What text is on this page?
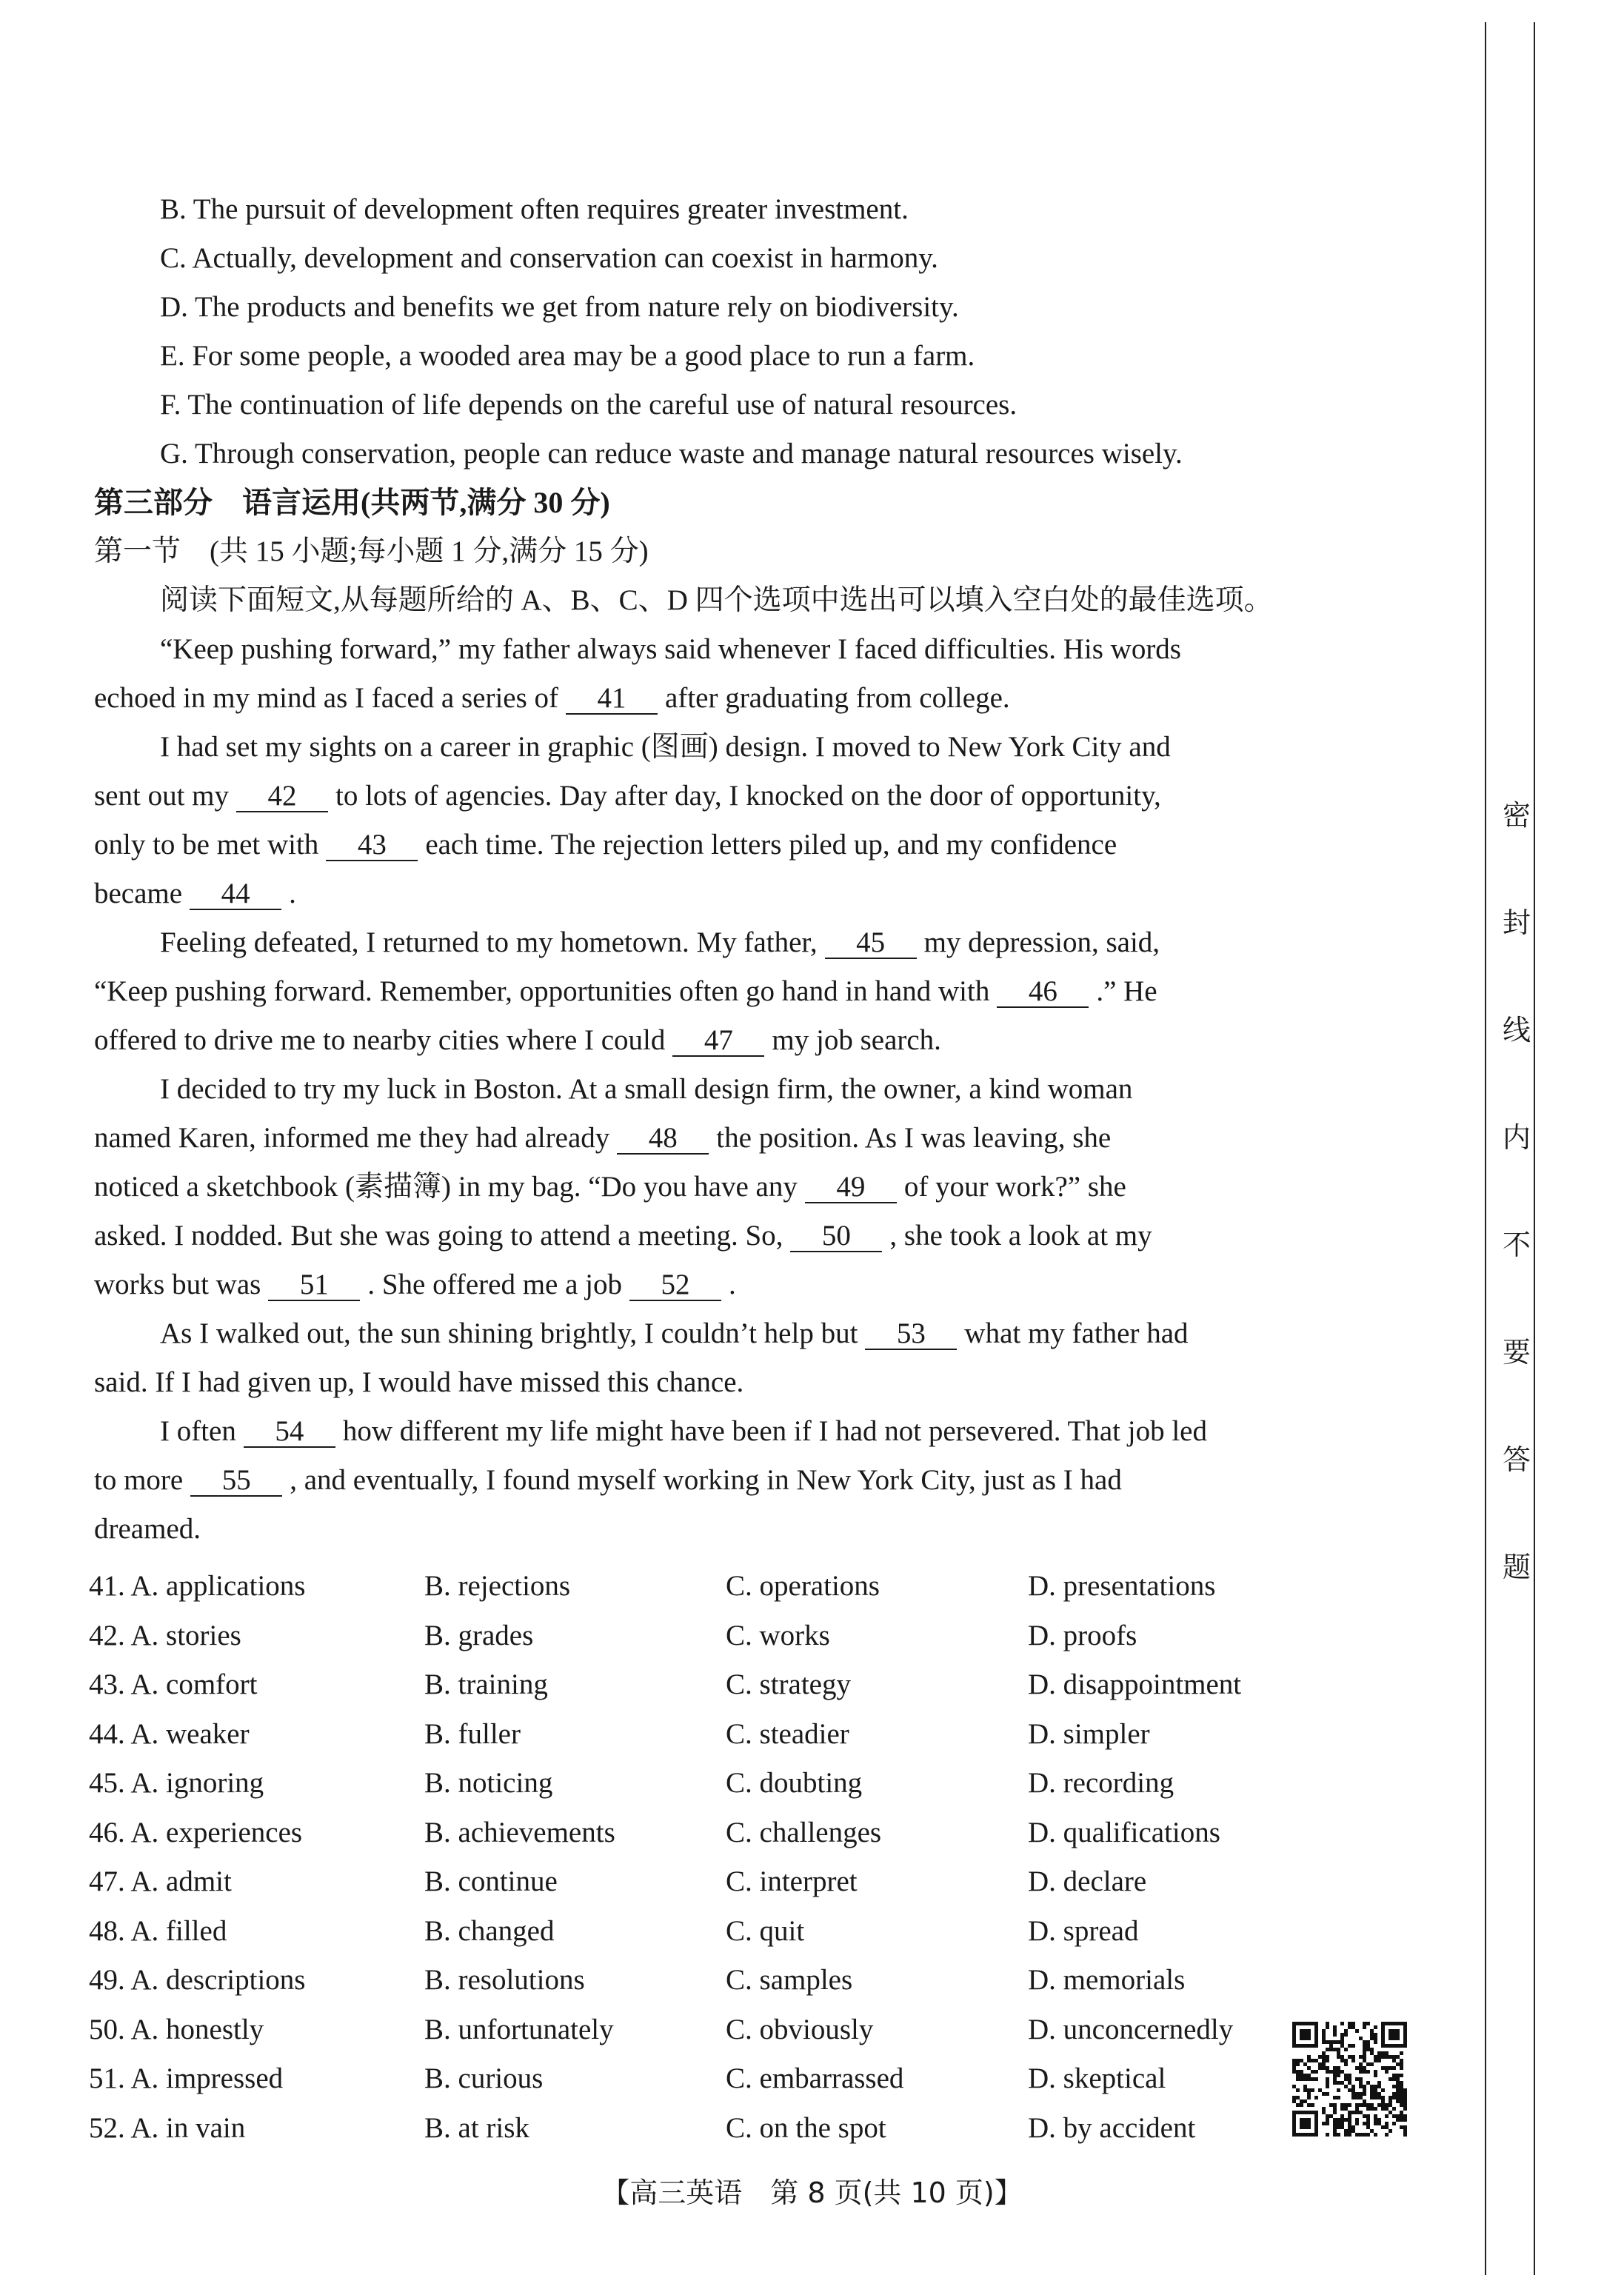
B. The pursuit of development often requires greater investment.
C. Actually, development and conservation can coexist in harmony.
D. The products and benefits we get from nature rely on biodiversity.
E. For some people, a wooded area may be a good place to run a farm.
F. The continuation of life depends on the careful use of natural resources.
G. Through conservation, people can reduce waste and manage natural resources wisely.
第三部分　语言运用(共两节,满分 30 分)
第一节　(共 15 小题;每小题 1 分,满分 15 分)
阅读下面短文,从每题所给的 A、B、C、D 四个选项中选出可以填入空白处的最佳选项。
“Keep pushing forward,” my father always said whenever I faced difficulties. His words
echoed in my mind as I faced a series of 41 after graduating from college.
I had set my sights on a career in graphic (图画) design. I moved to New York City and
sent out my 42 to lots of agencies. Day after day, I knocked on the door of opportunity,
only to be met with 43 each time. The rejection letters piled up, and my confidence
became 44 .
Feeling defeated, I returned to my hometown. My father, 45 my depression, said,
“Keep pushing forward. Remember, opportunities often go hand in hand with 46 .” He
offered to drive me to nearby cities where I could 47 my job search.
I decided to try my luck in Boston. At a small design firm, the owner, a kind woman
named Karen, informed me they had already 48 the position. As I was leaving, she
noticed a sketchbook (素描簿) in my bag. “Do you have any 49 of your work?” she
asked. I nodded. But she was going to attend a meeting. So, 50 , she took a look at my
works but was 51 . She offered me a job 52 .
As I walked out, the sun shining brightly, I couldn’t help but 53 what my father had
said. If I had given up, I would have missed this chance.
I often 54 how different my life might have been if I had not persevered. That job led
to more 55 , and eventually, I found myself working in New York City, just as I had
dreamed.
41. A. applications	B. rejections	C. operations	D. presentations
42. A. stories	B. grades	C. works	D. proofs
43. A. comfort	B. training	C. strategy	D. disappointment
44. A. weaker	B. fuller	C. steadier	D. simpler
45. A. ignoring	B. noticing	C. doubting	D. recording
46. A. experiences	B. achievements	C. challenges	D. qualifications
47. A. admit	B. continue	C. interpret	D. declare
48. A. filled	B. changed	C. quit	D. spread
49. A. descriptions	B. resolutions	C. samples	D. memorials
50. A. honestly	B. unfortunately	C. obviously	D. unconcernedly
51. A. impressed	B. curious	C. embarrassed	D. skeptical
52. A. in vain	B. at risk	C. on the spot	D. by accident
密
封
线
内
不
要
答
题
【高三英语　第 8 页(共 10 页)】
